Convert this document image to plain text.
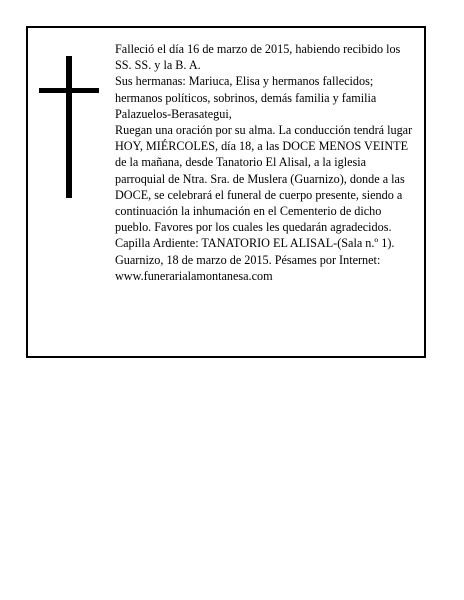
Falleció el día 16 de marzo de 2015, habiendo recibido los SS. SS. y la B. A.

Sus hermanas: Mariuca, Elisa y hermanos fallecidos; hermanos políticos, sobrinos, demás familia y familia Palazuelos-Berasategui,

Ruegan una oración por su alma. La conducción tendrá lugar HOY, MIÉRCOLES, día 18, a las DOCE MENOS VEINTE de la mañana, desde Tanatorio El Alisal, a la iglesia parroquial de Ntra. Sra. de Muslera (Guarnizo), donde a las DOCE, se celebrará el funeral de cuerpo presente, siendo a continuación la inhumación en el Cementerio de dicho pueblo. Favores por los cuales les quedarán agradecidos. Capilla Ardiente: TANATORIO EL ALISAL-(Sala n.º 1).

Guarnizo, 18 de marzo de 2015. Pésames por Internet: www.funerarialamontanesa.com
